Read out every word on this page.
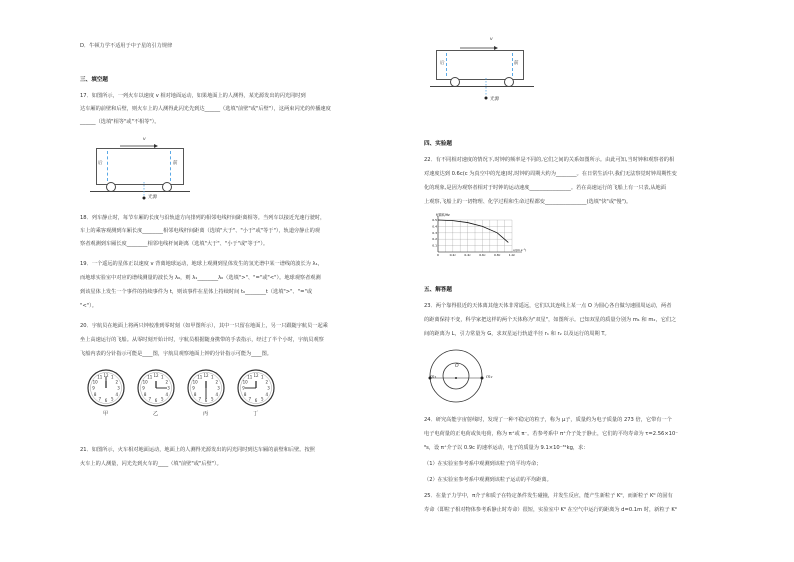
D．牛顿力学不适用于中子星的引力规律
三、填空题
17．如图所示，一列火车以速度 v 相对地面运动，如果地面上的人测得，某光源发出的闪光同时到
达车厢的前壁和后壁，则火车上的人测得此闪光先到达______（选填"前壁"或"后壁"），这两束闪光的传播速度
______（选填"相等"或"不相等"）。
v
后	前
光源
18．列车静止时，每节车厢的长度与沿轨道方向排列的相邻电线杆间距离相等。当列车以接近光速行驶时，
车上的乘客观测到车厢长度________相邻电线杆间距离（选填"大于"、"小于"或"等于"），轨道旁静止的观
察者观测到车厢长度________相邻电线杆间距离（选填"大于"、"小于"或"等于"）。
19．一个遥远的星体正以速度 v 背离地球运动，地球上观测到星体发生的氢光谱中某一谱线的波长为 λ₁，
而地球实验室中对应的谱线测量的波长为 λ₀，则 λ₁________λ₀（选填">"、"="或"<"）。地球观察者观测
到该星体上发生一个事件的持续事件为 t，则该事件在星体上持续时间 t₀________t（选填">"、"="或
"<"）。
20．宇航员在地面上将两只钟校准到零时刻（如甲图所示），其中一只留在地面上，另一只跟随宇航员一起乘
坐上高速运行的飞船。从零时刻开始计时，宇航员根据随身携带的手表指示，经过了半个小时，宇航员观察
飞船内表的分针指示可能是____图，宇航员观察地面上钟的分针指示可能为____图。
1
2
3
4
5
6
7
8
9
10
11 12
甲
1
2
3
4
5
6
7
8
9
10
11 12
乙
1
2
3
4
5
6
7
8
9
10
11 12
丙
1
2
3
4
5
6
7
8
9
10
11 12
丁
21．如图所示，火车相对地面运动，地面上的人测得光源发出的闪光同时到达车厢的前壁和后壁。按照
火车上的人测量，闪光先到火车的____（填"前壁"或"后壁"）。
v
后	前
光源
四、实验题
22．有不同相对速度的情况下,时钟的频率是不同的,它们之间的关系如图所示。由此可知,当时钟和观察者的相
对速度达到 0.6c(c 为真空中的光速)时,时钟的周期大约为________。在日常生活中,我们无法察觉时钟周期性变
化的现象,是因为观察者相对于时钟的运动速度________________。若在高速运行的飞船上有一只表,从地面
上观察,飞船上的一切物理、化学过程和生命过程都变________________(选填"快"或"慢")。
f/频率/Hz
0.5
0.4
0.3
0.2
0.1
0	0.2c	0.4c	0.6c	0.8c	1.0c
v/(m·s⁻¹)
五、解答题
23．两个靠得很近的天体离其他天体非常遥远，它们以其连线上某一点 O 为圆心各自做匀速圆周运动，两者
的距离保持不变，科学家把这样的两个天体称为"双星"，如图所示。已知双星的质量分别为 m₁ 和 m₂，它们之
间的距离为 L，引力常量为 G，求双星运行轨道半径 r₁ 和 r₂ 以及运行的周期 T。
O
m₁	m₂
24．研究高能宇宙射线时，发现了一种不稳定的粒子，称为 μ子，质量约为电子质量的 273 倍，它带有一个
电子电荷量的正电荷或负电荷，称为 π⁺或 π⁻。若参考系中 π⁺介子处于静止，它们的平均寿命为 τ=2.56×10⁻
⁸s，设 π⁺介子以 0.9c 的速率运动，电子的质量为 9.1×10⁻³¹kg，求：
（1）在实验室参考系中观测到该粒子的平均寿命；
（2）在实验室参考系中观测到该粒子运动的平均距离。
25．在量子力学中，π介子和质子在特定条件发生碰撞，并发生反应，能产生新粒子 K⁰，而新粒子 K⁰ 的固有
寿命（即粒子相对物体参考系静止时寿命）很短，实验室中 K⁰ 在空气中运行的距离为 d=0.1m 时，新粒子 K⁰
